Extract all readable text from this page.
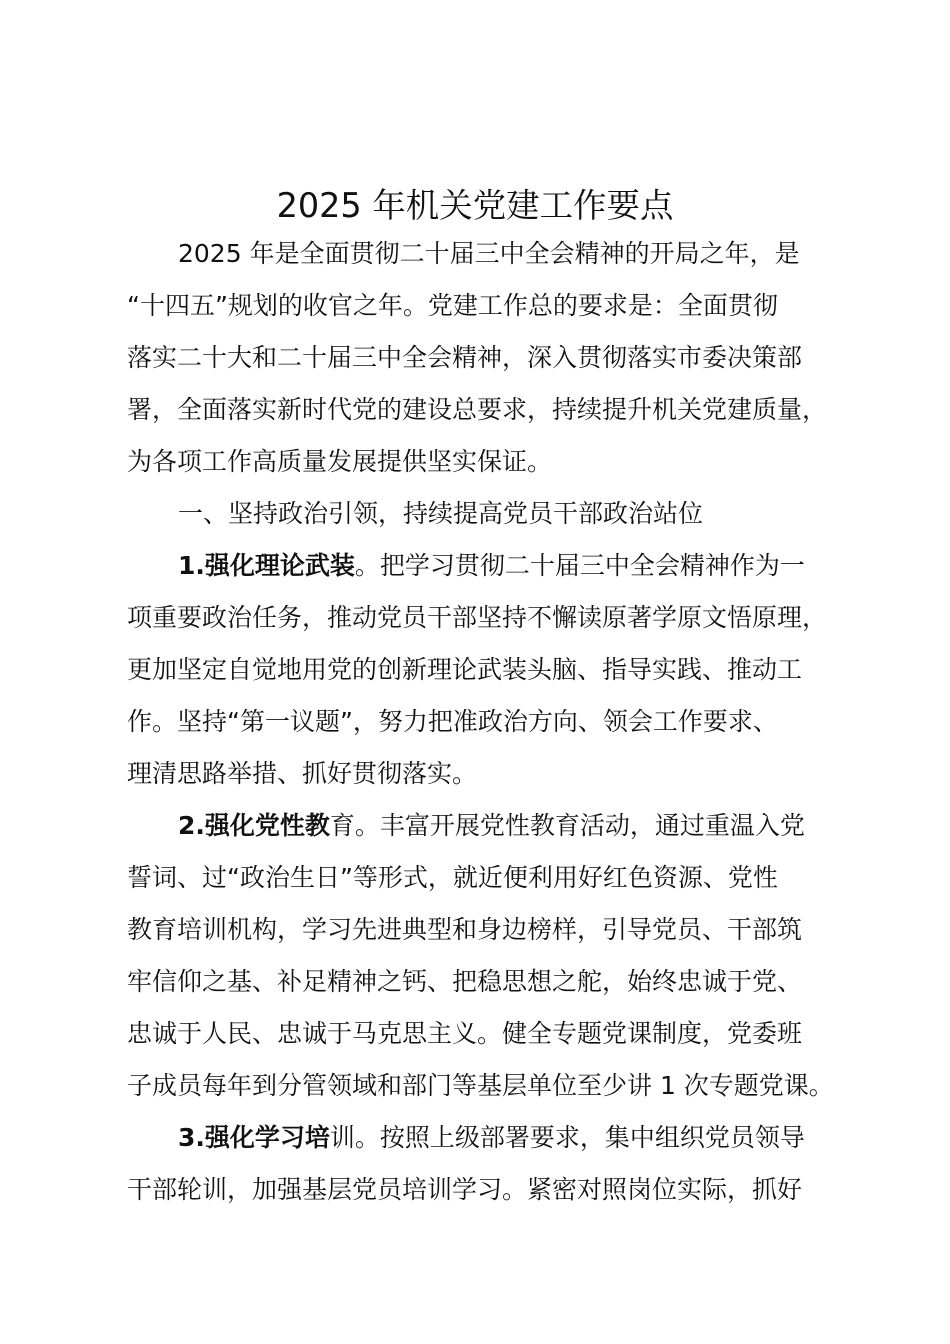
2025 年机关党建工作要点
2025 年是全面贯彻二十届三中全会精神的开局之年，是
“十四五”规划的收官之年。党建工作总的要求是：全面贯彻
落实二十大和二十届三中全会精神，深入贯彻落实市委决策部
署，全面落实新时代党的建设总要求，持续提升机关党建质量，
为各项工作高质量发展提供坚实保证。
一、坚持政治引领，持续提高党员干部政治站位
1.强化理论武装。把学习贯彻二十届三中全会精神作为一
项重要政治任务，推动党员干部坚持不懈读原著学原文悟原理，
更加坚定自觉地用党的创新理论武装头脑、指导实践、推动工
作。坚持“第一议题”，努力把准政治方向、领会工作要求、
理清思路举措、抓好贯彻落实。
2.强化党性教育。丰富开展党性教育活动，通过重温入党
誓词、过“政治生日”等形式，就近便利用好红色资源、党性
教育培训机构，学习先进典型和身边榜样，引导党员、干部筑
牢信仰之基、补足精神之钙、把稳思想之舵，始终忠诚于党、
忠诚于人民、忠诚于马克思主义。健全专题党课制度，党委班
子成员每年到分管领域和部门等基层单位至少讲 1 次专题党课。
3.强化学习培训。按照上级部署要求，集中组织党员领导
干部轮训，加强基层党员培训学习。紧密对照岗位实际，抓好
